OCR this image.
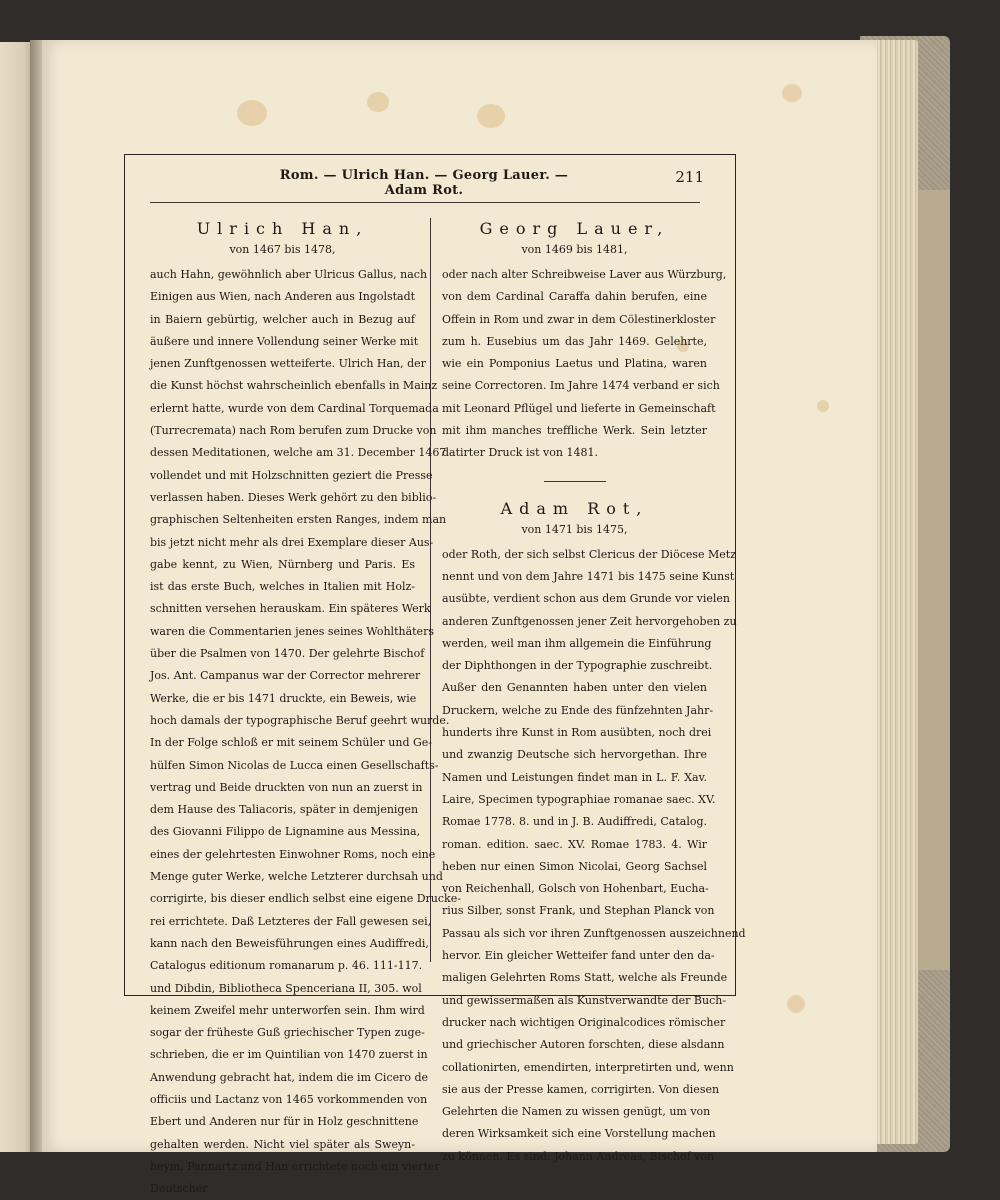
Rom. — Ulrich Han. — Georg Lauer. — Adam Rot.
211

Ulrich Han,

von 1467 bis 1478,

auch Hahn, gewöhnlich aber Ulricus Gallus, nach

Einigen aus Wien, nach Anderen aus Ingolstadt

in Baiern gebürtig, welcher auch in Bezug auf

äußere und innere Vollendung seiner Werke mit

jenen Zunftgenossen wetteiferte. Ulrich Han, der

die Kunst höchst wahrscheinlich ebenfalls in Mainz

erlernt hatte, wurde von dem Cardinal Torquemada

(Turrecremata) nach Rom berufen zum Drucke von

dessen Meditationen, welche am 31. December 1467

vollendet und mit Holzschnitten geziert die Presse

verlassen haben. Dieses Werk gehört zu den biblio-

graphischen Seltenheiten ersten Ranges, indem man

bis jetzt nicht mehr als drei Exemplare dieser Aus-

gabe kennt, zu Wien, Nürnberg und Paris. Es

ist das erste Buch, welches in Italien mit Holz-

schnitten versehen herauskam. Ein späteres Werk

waren die Commentarien jenes seines Wohlthäters

über die Psalmen von 1470. Der gelehrte Bischof

Jos. Ant. Campanus war der Corrector mehrerer

Werke, die er bis 1471 druckte, ein Beweis, wie

hoch damals der typographische Beruf geehrt wurde.

In der Folge schloß er mit seinem Schüler und Ge-

hülfen Simon Nicolas de Lucca einen Gesellschafts-

vertrag und Beide druckten von nun an zuerst in

dem Hause des Taliacoris, später in demjenigen

des Giovanni Filippo de Lignamine aus Messina,

eines der gelehrtesten Einwohner Roms, noch eine

Menge guter Werke, welche Letzterer durchsah und

corrigirte, bis dieser endlich selbst eine eigene Drucke-

rei errichtete. Daß Letzteres der Fall gewesen sei,

kann nach den Beweisführungen eines Audiffredi,

Catalogus editionum romanarum p. 46. 111-117.

und Dibdin, Bibliotheca Spenceriana II, 305. wol

keinem Zweifel mehr unterworfen sein. Ihm wird

sogar der früheste Guß griechischer Typen zuge-

schrieben, die er im Quintilian von 1470 zuerst in

Anwendung gebracht hat, indem die im Cicero de

officiis und Lactanz von 1465 vorkommenden von

Ebert und Anderen nur für in Holz geschnittene

gehalten werden. Nicht viel später als Sweyn-

heym, Pannartz und Han errichtete noch ein vierter

Deutscher

Georg Lauer,

von 1469 bis 1481,

oder nach alter Schreibweise Laver aus Würzburg,

von dem Cardinal Caraffa dahin berufen, eine

Offein in Rom und zwar in dem Cölestinerkloster

zum h. Eusebius um das Jahr 1469. Gelehrte,

wie ein Pomponius Laetus und Platina, waren

seine Correctoren. Im Jahre 1474 verband er sich

mit Leonard Pflügel und lieferte in Gemeinschaft

mit ihm manches treffliche Werk. Sein letzter

datirter Druck ist von 1481.

Adam Rot,

von 1471 bis 1475,

oder Roth, der sich selbst Clericus der Diöcese Metz

nennt und von dem Jahre 1471 bis 1475 seine Kunst

ausübte, verdient schon aus dem Grunde vor vielen

anderen Zunftgenossen jener Zeit hervorgehoben zu

werden, weil man ihm allgemein die Einführung

der Diphthongen in der Typographie zuschreibt.

Außer den Genannten haben unter den vielen

Druckern, welche zu Ende des fünfzehnten Jahr-

hunderts ihre Kunst in Rom ausübten, noch drei

und zwanzig Deutsche sich hervorgethan. Ihre

Namen und Leistungen findet man in L. F. Xav.

Laire, Specimen typographiae romanae saec. XV.

Romae 1778. 8. und in J. B. Audiffredi, Catalog.

roman. edition. saec. XV. Romae 1783. 4. Wir

heben nur einen Simon Nicolai, Georg Sachsel

von Reichenhall, Golsch von Hohenbart, Eucha-

rius Silber, sonst Frank, und Stephan Planck von

Passau als sich vor ihren Zunftgenossen auszeichnend

hervor. Ein gleicher Wetteifer fand unter den da-

maligen Gelehrten Roms Statt, welche als Freunde

und gewissermaßen als Kunstverwandte der Buch-

drucker nach wichtigen Originalcodices römischer

und griechischer Autoren forschten, diese alsdann

collationirten, emendirten, interpretirten und, wenn

sie aus der Presse kamen, corrigirten. Von diesen

Gelehrten die Namen zu wissen genügt, um von

deren Wirksamkeit sich eine Vorstellung machen

zu können. Es sind: Johann Andreas, Bischof von
